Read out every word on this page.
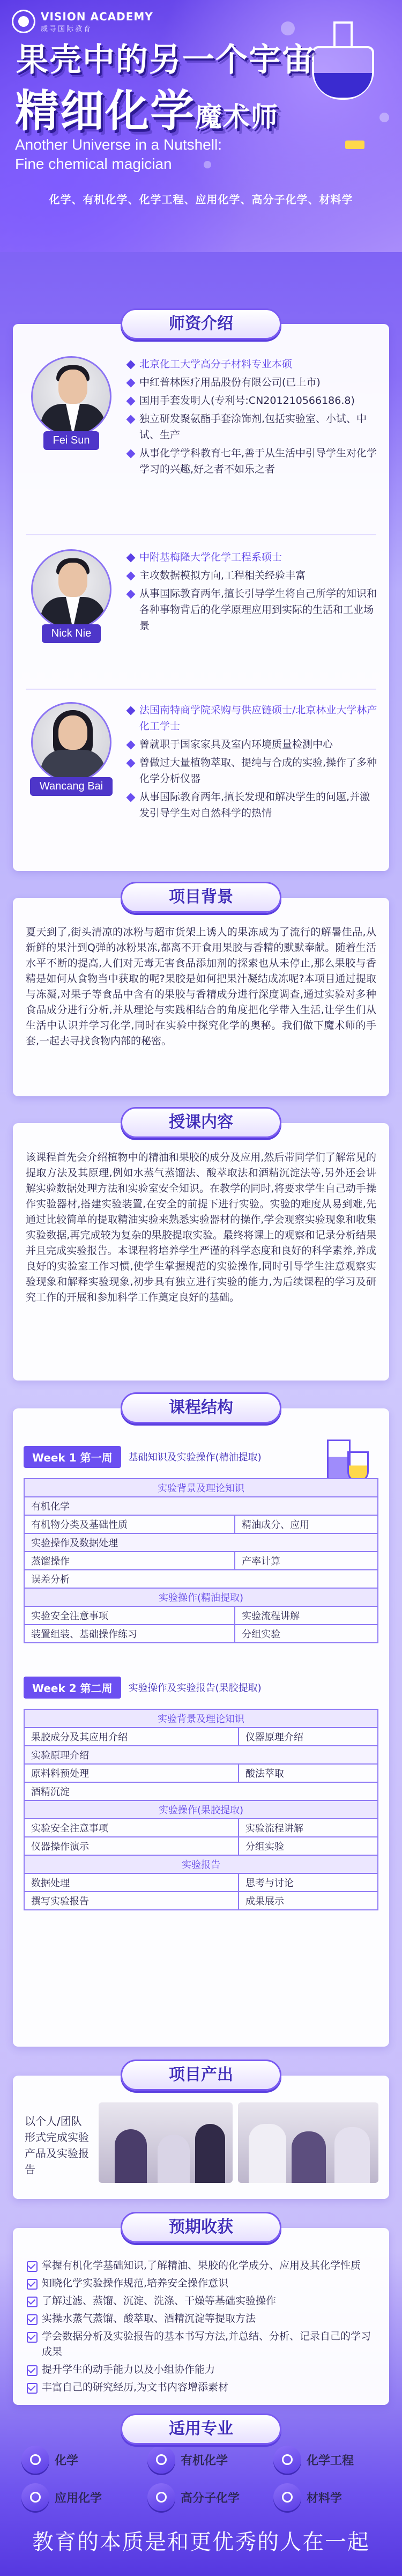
VISION ACADEMY
威寻国际教育
果壳中的另一个宇宙
精细化学魔术师
Another Universe in a Nutshell:
Fine chemical magician
化学、有机化学、化学工程、应用化学、高分子化学、材料学
师资介绍
Fei Sun
北京化工大学高分子材料专业本硕
中红普林医疗用品股份有限公司(已上市)
国用手套发明人(专利号:CN201210566186.8)
独立研发聚氨酯手套涂饰剂,包括实验室、小试、中试、生产
从事化学学科教育七年,善于从生活中引导学生对化学学习的兴趣,好之者不如乐之者
Nick Nie
中附基梅隆大学化学工程系硕士
主攻数据模拟方向,工程相关经验丰富
从事国际教育两年,擅长引导学生将自己所学的知识和各种事物背后的化学原理应用到实际的生活和工业场景
Wancang Bai
法国南特商学院采购与供应链硕士/北京林业大学林产化工学士
曾就职于国家家具及室内环境质量检测中心
曾做过大量植物萃取、提纯与合成的实验,操作了多种化学分析仪器
从事国际教育两年,擅长发现和解决学生的问题,并激发引导学生对自然科学的热情
项目背景
夏天到了,街头清凉的冰粉与超市货架上诱人的果冻成为了流行的解暑佳品,从新鲜的果汁到Q弹的冰粉果冻,都离不开食用果胶与香精的默默奉献。随着生活水平不断的提高,人们对无毒无害食品添加剂的探索也从未停止,那么果胶与香精是如何从食物当中获取的呢?果胶是如何把果汁凝结成冻呢?本项目通过提取与冻凝,对果子等食品中含有的果胶与香精成分进行深度调查,通过实验对多种食品成分进行分析,并从理论与实践相结合的角度把化学带入生活,让学生们从生活中认识并学习化学,同时在实验中探究化学的奥秘。我们做下魔术师的手套,一起去寻找食物内部的秘密。
授课内容
该课程首先会介绍植物中的精油和果胶的成分及应用,然后带同学们了解常见的提取方法及其原理,例如水蒸气蒸馏法、酸萃取法和酒精沉淀法等,另外还会讲解实验数据处理方法和实验室安全知识。在教学的同时,将要求学生自己动手操作实验器材,搭建实验装置,在安全的前提下进行实验。实验的难度从易到难,先通过比较简单的提取精油实验来熟悉实验器材的操作,学会观察实验现象和收集实验数据,再完成较为复杂的果胶提取实验。最终将课上的观察和记录分析结果并且完成实验报告。本课程将培养学生严谨的科学态度和良好的科学素养,养成良好的实验室工作习惯,使学生掌握规范的实验操作,同时引导学生注意观察实验现象和解释实验现象,初步具有独立进行实验的能力,为后续课程的学习及研究工作的开展和参加科学工作奠定良好的基础。
课程结构
Week 1 第一周	基础知识及实验操作(精油提取)
实验背景及理论知识	
有机化学	
有机物分类及基础性质	精油成分、应用
实验操作及数据处理	
蒸馏操作	产率计算
误差分析	
实验操作(精油提取)	
实验安全注意事项	实验流程讲解
装置组装、基础操作练习	分组实验
Week 2 第二周	实验操作及实验报告(果胶提取)
实验背景及理论知识	
果胶成分及其应用介绍	仪器原理介绍
实验原理介绍	
原料料预处理	酸法萃取
酒精沉淀	
实验操作(果胶提取)	
实验安全注意事项	实验流程讲解
仪器操作演示	分组实验
实验报告	
数据处理	思考与讨论
撰写实验报告	成果展示
项目产出
以个人/团队形式完成实验产品及实验报告
预期收获
掌握有机化学基础知识,了解精油、果胶的化学成分、应用及其化学性质
知晓化学实验操作规范,培养安全操作意识
了解过滤、蒸馏、沉淀、洗涤、干燥等基础实验操作
实操水蒸气蒸馏、酸萃取、酒精沉淀等提取方法
学会数据分析及实验报告的基本书写方法,并总结、分析、记录自己的学习成果
提升学生的动手能力以及小组协作能力
丰富自己的研究经历,为文书内容增添素材
适用专业
化学	有机化学	化学工程
应用化学	高分子化学	材料学
教育的本质是和更优秀的人在一起
